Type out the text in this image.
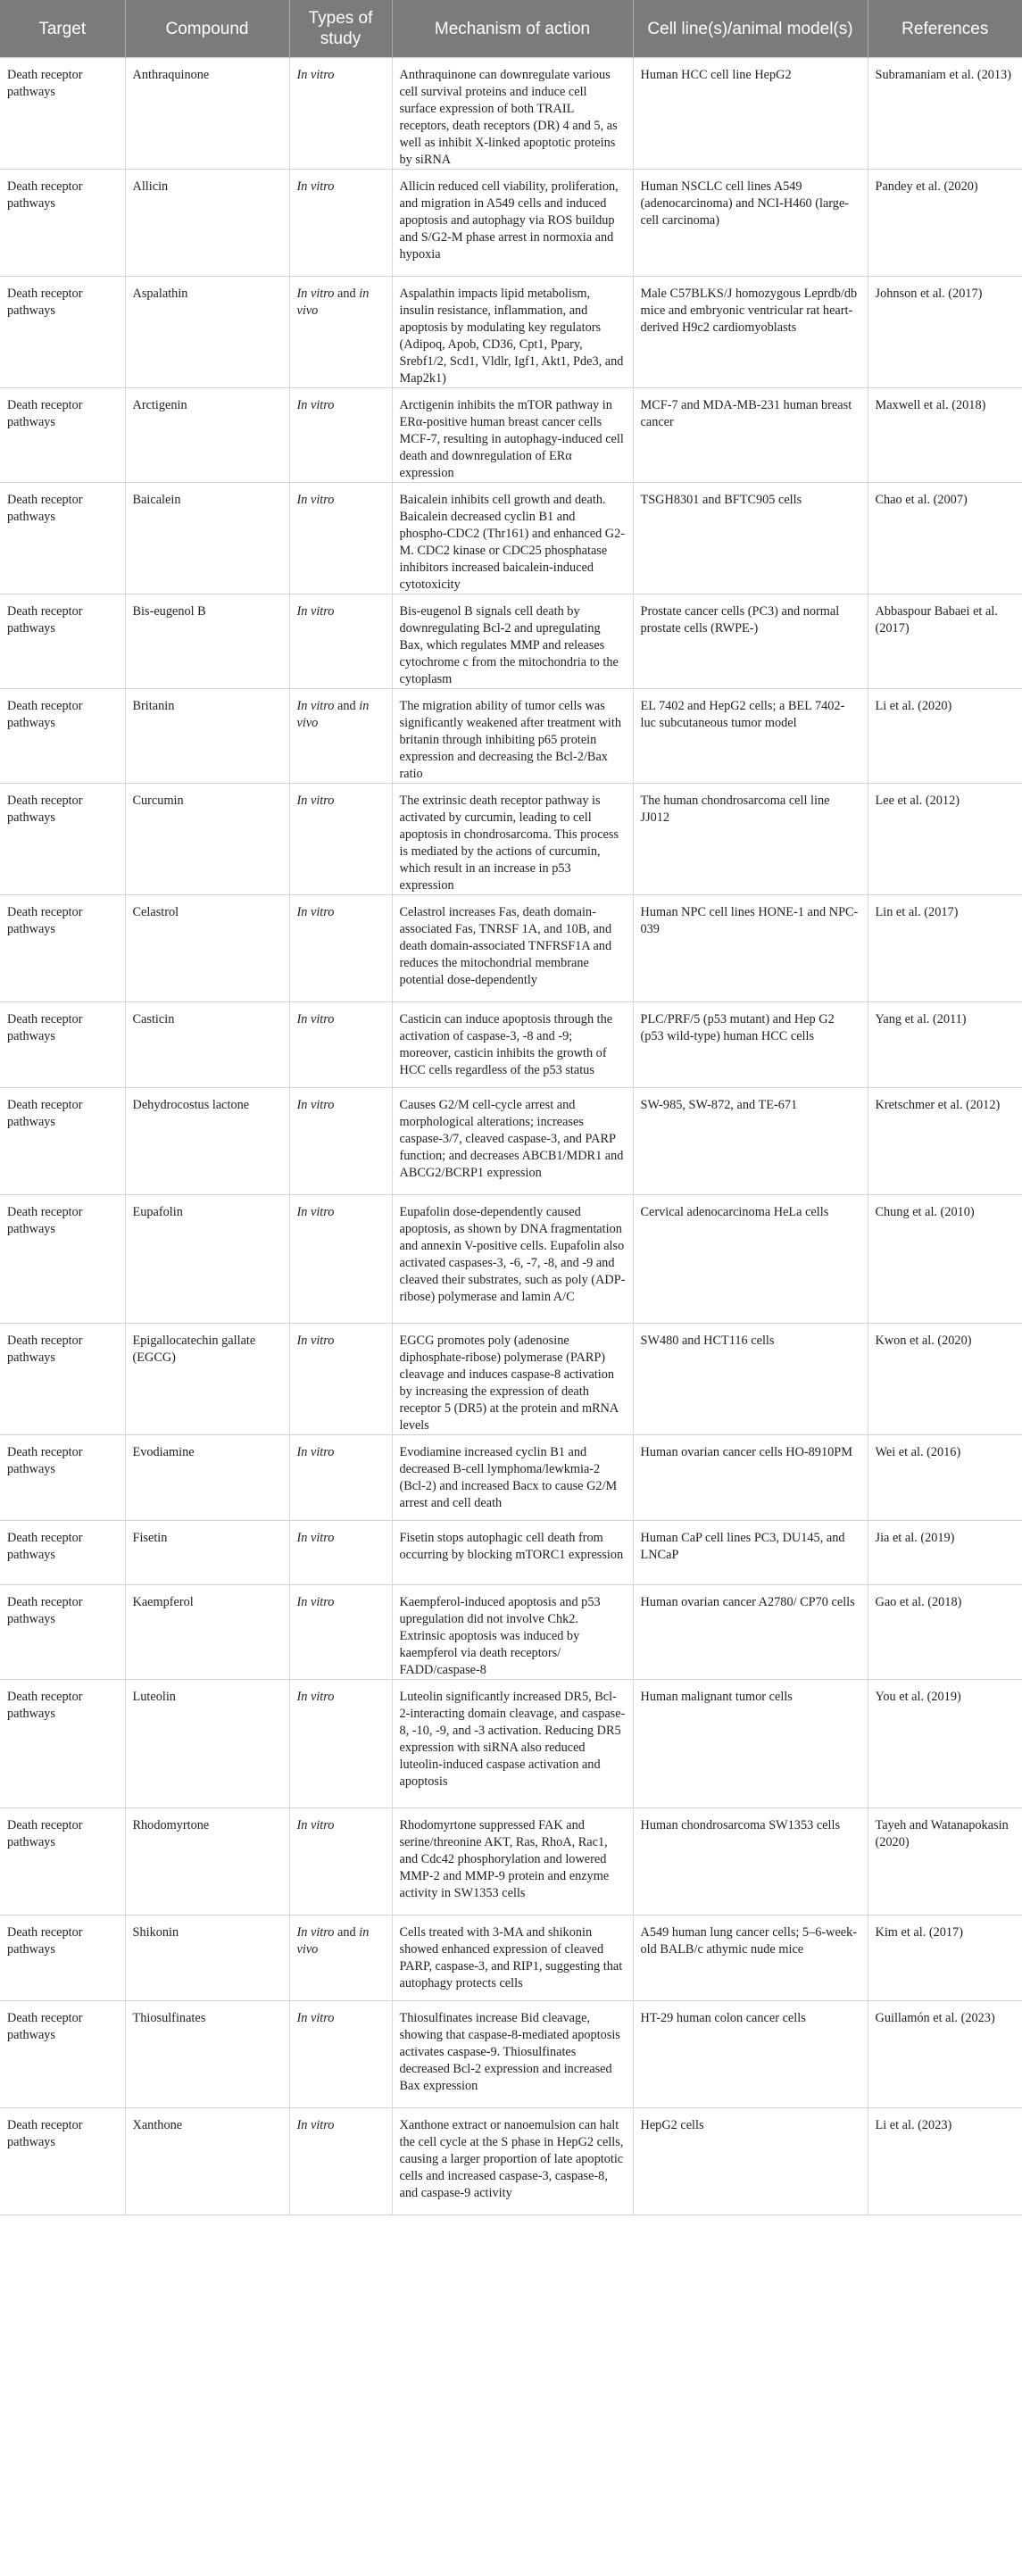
Target	Compound	Types of study	Mechanism of action	Cell line(s)/animal model(s)	References
Death receptor pathways	Anthraquinone	In vitro	Anthraquinone can downregulate various cell survival proteins and induce cell surface expression of both TRAIL receptors, death receptors (DR) 4 and 5, as well as inhibit X-linked apoptotic proteins by siRNA	Human HCC cell line HepG2	Subramaniam et al. (2013)
Death receptor pathways	Allicin	In vitro	Allicin reduced cell viability, proliferation, and migration in A549 cells and induced apoptosis and autophagy via ROS buildup and S/G2-M phase arrest in normoxia and hypoxia	Human NSCLC cell lines A549 (adenocarcinoma) and NCI-H460 (large-cell carcinoma)	Pandey et al. (2020)
Death receptor pathways	Aspalathin	In vitro and in vivo	Aspalathin impacts lipid metabolism, insulin resistance, inflammation, and apoptosis by modulating key regulators (Adipoq, Apob, CD36, Cpt1, Ppary, Srebf1/2, Scd1, Vldlr, Igf1, Akt1, Pde3, and Map2k1)	Male C57BLKS/J homozygous Leprdb/db mice and embryonic ventricular rat heart-derived H9c2 cardiomyoblasts	Johnson et al. (2017)
Death receptor pathways	Arctigenin	In vitro	Arctigenin inhibits the mTOR pathway in ERα-positive human breast cancer cells MCF-7, resulting in autophagy-induced cell death and downregulation of ERα expression	MCF-7 and MDA-MB-231 human breast cancer	Maxwell et al. (2018)
Death receptor pathways	Baicalein	In vitro	Baicalein inhibits cell growth and death. Baicalein decreased cyclin B1 and phospho-CDC2 (Thr161) and enhanced G2-M. CDC2 kinase or CDC25 phosphatase inhibitors increased baicalein-induced cytotoxicity	TSGH8301 and BFTC905 cells	Chao et al. (2007)
Death receptor pathways	Bis-eugenol B	In vitro	Bis-eugenol B signals cell death by downregulating Bcl-2 and upregulating Bax, which regulates MMP and releases cytochrome c from the mitochondria to the cytoplasm	Prostate cancer cells (PC3) and normal prostate cells (RWPE-)	Abbaspour Babaei et al. (2017)
Death receptor pathways	Britanin	In vitro and in vivo	The migration ability of tumor cells was significantly weakened after treatment with britanin through inhibiting p65 protein expression and decreasing the Bcl-2/Bax ratio	EL 7402 and HepG2 cells; a BEL 7402-luc subcutaneous tumor model	Li et al. (2020)
Death receptor pathways	Curcumin	In vitro	The extrinsic death receptor pathway is activated by curcumin, leading to cell apoptosis in chondrosarcoma. This process is mediated by the actions of curcumin, which result in an increase in p53 expression	The human chondrosarcoma cell line JJ012	Lee et al. (2012)
Death receptor pathways	Celastrol	In vitro	Celastrol increases Fas, death domain-associated Fas, TNRSF 1A, and 10B, and death domain-associated TNFRSF1A and reduces the mitochondrial membrane potential dose-dependently	Human NPC cell lines HONE-1 and NPC-039	Lin et al. (2017)
Death receptor pathways	Casticin	In vitro	Casticin can induce apoptosis through the activation of caspase-3, -8 and -9; moreover, casticin inhibits the growth of HCC cells regardless of the p53 status	PLC/PRF/5 (p53 mutant) and Hep G2 (p53 wild-type) human HCC cells	Yang et al. (2011)
Death receptor pathways	Dehydrocostus lactone	In vitro	Causes G2/M cell-cycle arrest and morphological alterations; increases caspase-3/7, cleaved caspase-3, and PARP function; and decreases ABCB1/MDR1 and ABCG2/BCRP1 expression	SW-985, SW-872, and TE-671	Kretschmer et al. (2012)
Death receptor pathways	Eupafolin	In vitro	Eupafolin dose-dependently caused apoptosis, as shown by DNA fragmentation and annexin V-positive cells. Eupafolin also activated caspases-3, -6, -7, -8, and -9 and cleaved their substrates, such as poly (ADP-ribose) polymerase and lamin A/C	Cervical adenocarcinoma HeLa cells	Chung et al. (2010)
Death receptor pathways	Epigallocatechin gallate (EGCG)	In vitro	EGCG promotes poly (adenosine diphosphate-ribose) polymerase (PARP) cleavage and induces caspase-8 activation by increasing the expression of death receptor 5 (DR5) at the protein and mRNA levels	SW480 and HCT116 cells	Kwon et al. (2020)
Death receptor pathways	Evodiamine	In vitro	Evodiamine increased cyclin B1 and decreased B-cell lymphoma/lewkmia-2 (Bcl-2) and increased Bacx to cause G2/M arrest and cell death	Human ovarian cancer cells HO-8910PM	Wei et al. (2016)
Death receptor pathways	Fisetin	In vitro	Fisetin stops autophagic cell death from occurring by blocking mTORC1 expression	Human CaP cell lines PC3, DU145, and LNCaP	Jia et al. (2019)
Death receptor pathways	Kaempferol	In vitro	Kaempferol-induced apoptosis and p53 upregulation did not involve Chk2. Extrinsic apoptosis was induced by kaempferol via death receptors/ FADD/caspase-8	Human ovarian cancer A2780/ CP70 cells	Gao et al. (2018)
Death receptor pathways	Luteolin	In vitro	Luteolin significantly increased DR5, Bcl-2-interacting domain cleavage, and caspase-8, -10, -9, and -3 activation. Reducing DR5 expression with siRNA also reduced luteolin-induced caspase activation and apoptosis	Human malignant tumor cells	You et al. (2019)
Death receptor pathways	Rhodomyrtone	In vitro	Rhodomyrtone suppressed FAK and serine/threonine AKT, Ras, RhoA, Rac1, and Cdc42 phosphorylation and lowered MMP-2 and MMP-9 protein and enzyme activity in SW1353 cells	Human chondrosarcoma SW1353 cells	Tayeh and Watanapokasin (2020)
Death receptor pathways	Shikonin	In vitro and in vivo	Cells treated with 3-MA and shikonin showed enhanced expression of cleaved PARP, caspase-3, and RIP1, suggesting that autophagy protects cells	A549 human lung cancer cells; 5–6-week-old BALB/c athymic nude mice	Kim et al. (2017)
Death receptor pathways	Thiosulfinates	In vitro	Thiosulfinates increase Bid cleavage, showing that caspase-8-mediated apoptosis activates caspase-9. Thiosulfinates decreased Bcl-2 expression and increased Bax expression	HT-29 human colon cancer cells	Guillamón et al. (2023)
Death receptor pathways	Xanthone	In vitro	Xanthone extract or nanoemulsion can halt the cell cycle at the S phase in HepG2 cells, causing a larger proportion of late apoptotic cells and increased caspase-3, caspase-8, and caspase-9 activity	HepG2 cells	Li et al. (2023)
